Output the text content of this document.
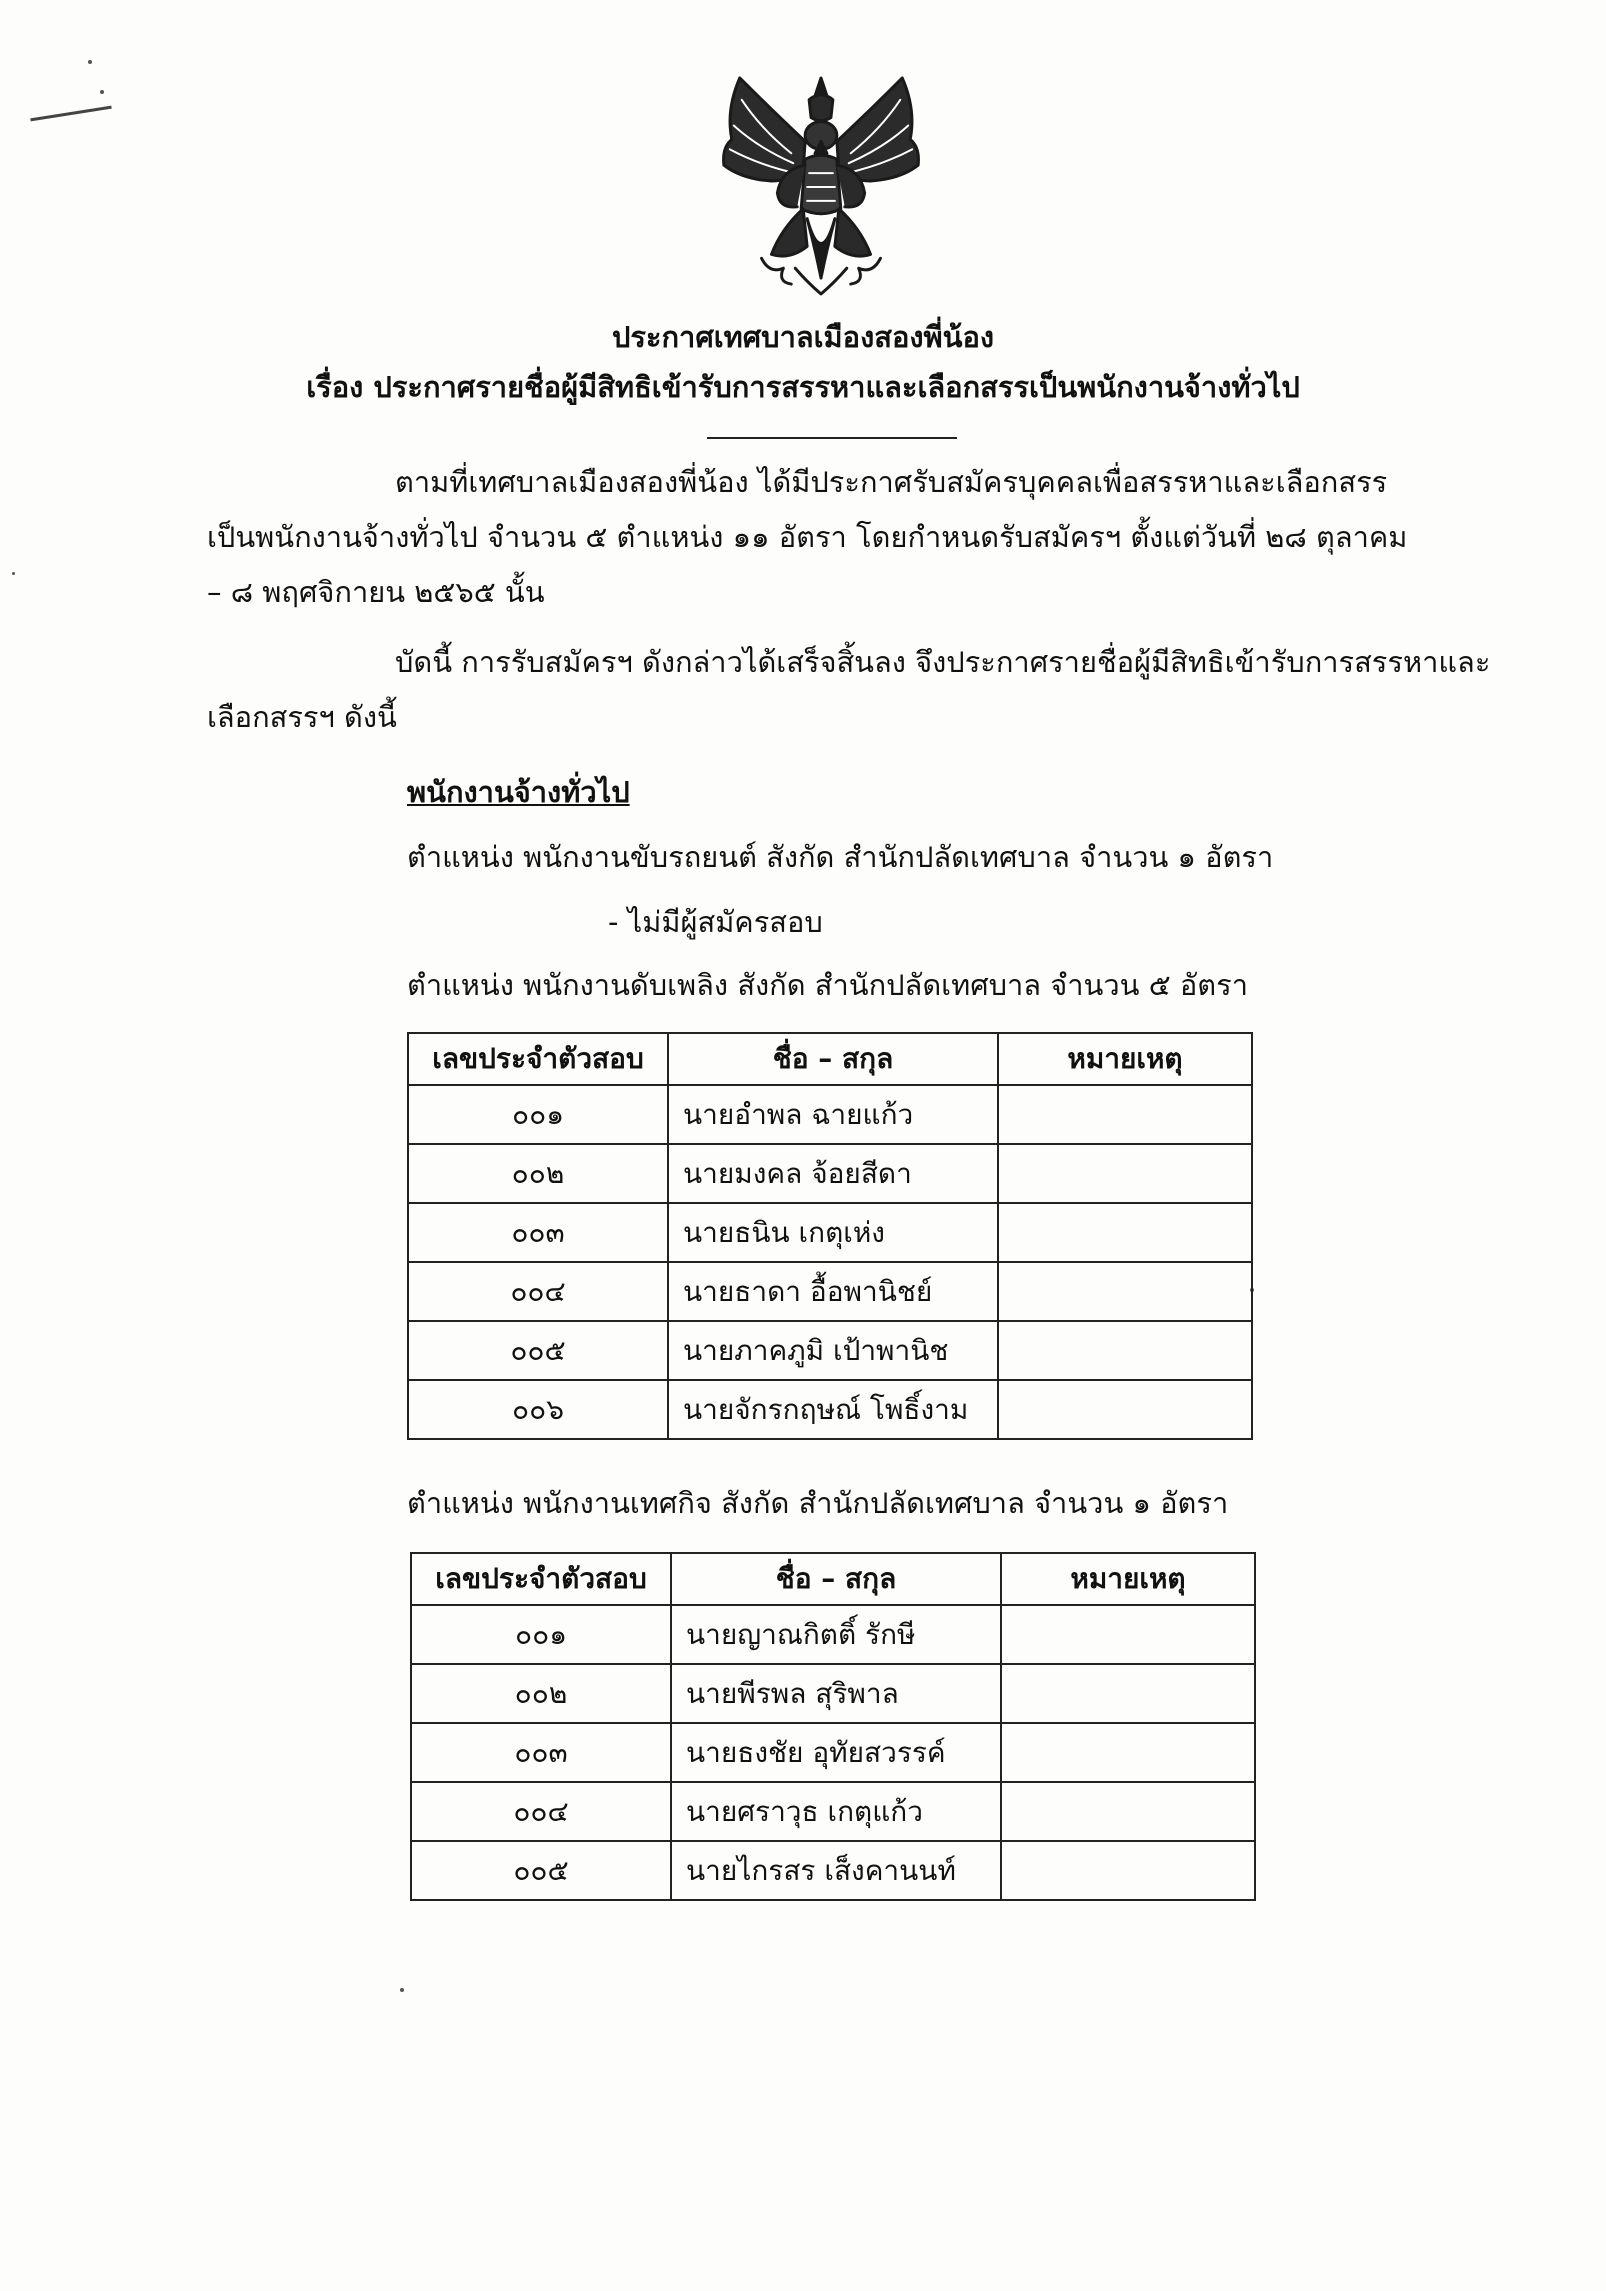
ประกาศเทศบาลเมืองสองพี่น้อง
เรื่อง ประกาศรายชื่อผู้มีสิทธิเข้ารับการสรรหาและเลือกสรรเป็นพนักงานจ้างทั่วไป
ตามที่เทศบาลเมืองสองพี่น้อง ได้มีประกาศรับสมัครบุคคลเพื่อสรรหาและเลือกสรร
เป็นพนักงานจ้างทั่วไป จำนวน ๕ ตำแหน่ง ๑๑ อัตรา โดยกำหนดรับสมัครฯ ตั้งแต่วันที่ ๒๘ ตุลาคม
– ๘ พฤศจิกายน ๒๕๖๕ นั้น
บัดนี้ การรับสมัครฯ ดังกล่าวได้เสร็จสิ้นลง จึงประกาศรายชื่อผู้มีสิทธิเข้ารับการสรรหาและ
เลือกสรรฯ ดังนี้
พนักงานจ้างทั่วไป
ตำแหน่ง พนักงานขับรถยนต์ สังกัด สำนักปลัดเทศบาล จำนวน ๑ อัตรา
- ไม่มีผู้สมัครสอบ
ตำแหน่ง พนักงานดับเพลิง สังกัด สำนักปลัดเทศบาล จำนวน ๕ อัตรา
เลขประจำตัวสอบ	ชื่อ – สกุล	หมายเหตุ
๐๐๑	นายอำพล ฉายแก้ว	
๐๐๒	นายมงคล จ้อยสีดา	
๐๐๓	นายธนิน เกตุเห่ง	
๐๐๔	นายธาดา อื้อพานิชย์	
๐๐๕	นายภาคภูมิ เป้าพานิช	
๐๐๖	นายจักรกฤษณ์ โพธิ์งาม	
ตำแหน่ง พนักงานเทศกิจ สังกัด สำนักปลัดเทศบาล จำนวน ๑ อัตรา
เลขประจำตัวสอบ	ชื่อ – สกุล	หมายเหตุ
๐๐๑	นายญาณกิตติ์ รักษี	
๐๐๒	นายพีรพล สุริพาล	
๐๐๓	นายธงชัย อุทัยสวรรค์	
๐๐๔	นายศราวุธ เกตุแก้ว	
๐๐๕	นายไกรสร เส็งคานนท์	
